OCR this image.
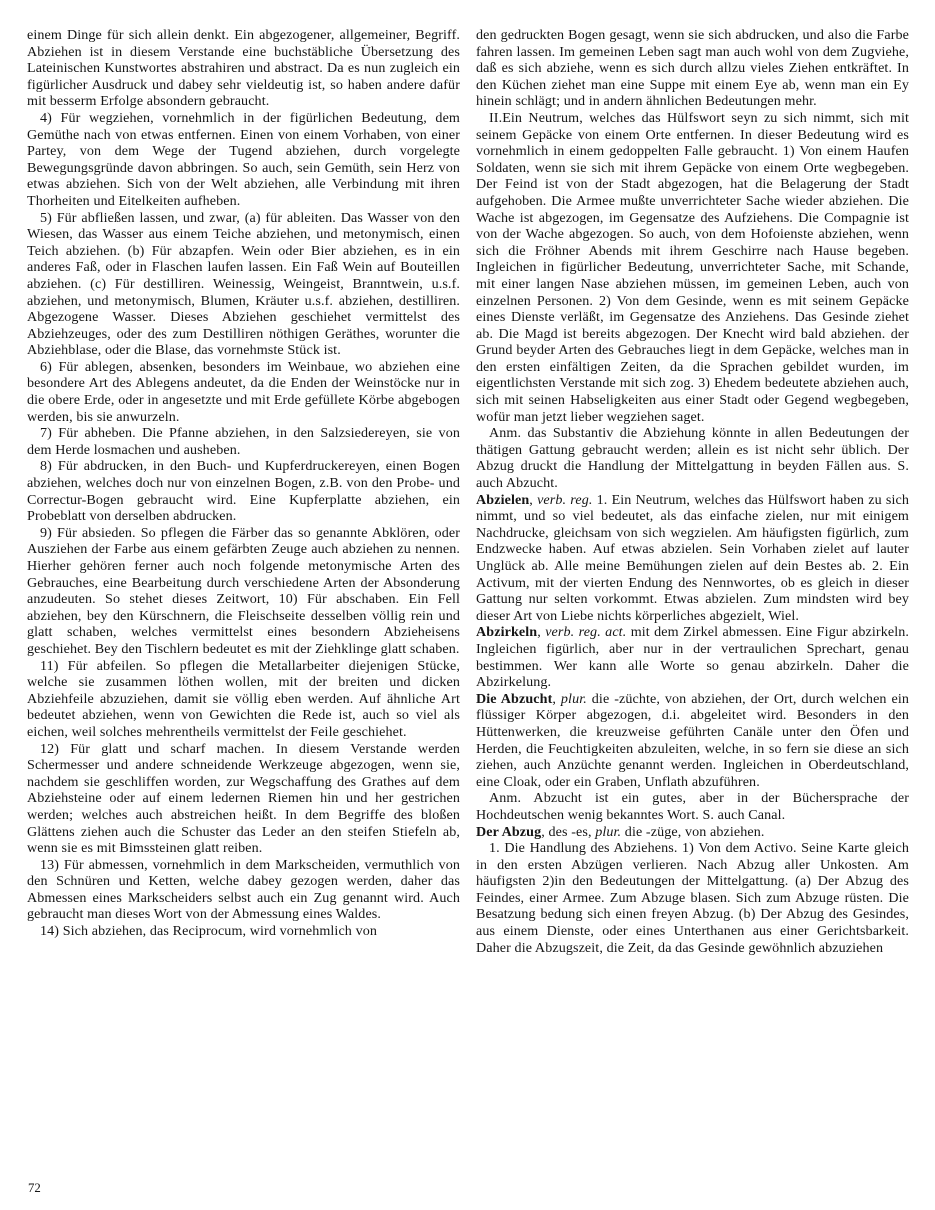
einem Dinge für sich allein denkt. Ein abgezogener, allgemeiner, Begriff. Abziehen ist in diesem Verstande eine buchstäbliche Übersetzung des Lateinischen Kunstwortes abstrahiren und abstract. Da es nun zugleich ein figürlicher Ausdruck und dabey sehr vieldeutig ist, so haben andere dafür mit besserm Erfolge absondern gebraucht.

4) Für wegziehen, vornehmlich in der figürlichen Bedeutung, dem Gemüthe nach von etwas entfernen. Einen von einem Vorhaben, von einer Partey, von dem Wege der Tugend abziehen, durch vorgelegte Bewegungsgründe davon abbringen. So auch, sein Gemüth, sein Herz von etwas abziehen. Sich von der Welt abziehen, alle Verbindung mit ihren Thorheiten und Eitelkeiten aufheben.

5) Für abfließen lassen, und zwar, (a) für ableiten. Das Wasser von den Wiesen, das Wasser aus einem Teiche abziehen, und metonymisch, einen Teich abziehen. (b) Für abzapfen. Wein oder Bier abziehen, es in ein anderes Faß, oder in Flaschen laufen lassen. Ein Faß Wein auf Bouteillen abziehen. (c) Für destilliren. Weinessig, Weingeist, Branntwein, u.s.f. abziehen, und metonymisch, Blumen, Kräuter u.s.f. abziehen, destilliren. Abgezogene Wasser. Dieses Abziehen geschiehet vermittelst des Abziehzeuges, oder des zum Destilliren nöthigen Geräthes, worunter die Abziehblase, oder die Blase, das vornehmste Stück ist.

6) Für ablegen, absenken, besonders im Weinbaue, wo abziehen eine besondere Art des Ablegens andeutet, da die Enden der Weinstöcke nur in die obere Erde, oder in angesetzte und mit Erde gefüllete Körbe abgebogen werden, bis sie anwurzeln.

7) Für abheben. Die Pfanne abziehen, in den Salzsiedereyen, sie von dem Herde losmachen und ausheben.

8) Für abdrucken, in den Buch- und Kupferdruckereyen, einen Bogen abziehen, welches doch nur von einzelnen Bogen, z.B. von den Probe- und Correctur-Bogen gebraucht wird. Eine Kupferplatte abziehen, ein Probeblatt von derselben abdrucken.

9) Für absieden. So pflegen die Färber das so genannte Abklören, oder Ausziehen der Farbe aus einem gefärbten Zeuge auch abziehen zu nennen. Hierher gehören ferner auch noch folgende metonymische Arten des Gebrauches, eine Bearbeitung durch verschiedene Arten der Absonderung anzudeuten. So stehet dieses Zeitwort, 10) Für abschaben. Ein Fell abziehen, bey den Kürschnern, die Fleischseite desselben völlig rein und glatt schaben, welches vermittelst eines besondern Abzieheisens geschiehet. Bey den Tischlern bedeutet es mit der Ziehklinge glatt schaben.

11) Für abfeilen. So pflegen die Metallarbeiter diejenigen Stücke, welche sie zusammen löthen wollen, mit der breiten und dicken Abziehfeile abzuziehen, damit sie völlig eben werden. Auf ähnliche Art bedeutet abziehen, wenn von Gewichten die Rede ist, auch so viel als eichen, weil solches mehrentheils vermittelst der Feile geschiehet.

12) Für glatt und scharf machen. In diesem Verstande werden Schermesser und andere schneidende Werkzeuge abgezogen, wenn sie, nachdem sie geschliffen worden, zur Wegschaffung des Grathes auf dem Abziehsteine oder auf einem ledernen Riemen hin und her gestrichen werden; welches auch abstreichen heißt. In dem Begriffe des bloßen Glättens ziehen auch die Schuster das Leder an den steifen Stiefeln ab, wenn sie es mit Bimssteinen glatt reiben.

13) Für abmessen, vornehmlich in dem Markscheiden, vermuthlich von den Schnüren und Ketten, welche dabey gezogen werden, daher das Abmessen eines Markscheiders selbst auch ein Zug genannt wird. Auch gebraucht man dieses Wort von der Abmessung eines Waldes.

14) Sich abziehen, das Reciprocum, wird vornehmlich von

den gedruckten Bogen gesagt, wenn sie sich abdrucken, und also die Farbe fahren lassen. Im gemeinen Leben sagt man auch wohl von dem Zugviehe, daß es sich abziehe, wenn es sich durch allzu vieles Ziehen entkräftet. In den Küchen ziehet man eine Suppe mit einem Eye ab, wenn man ein Ey hinein schlägt; und in andern ähnlichen Bedeutungen mehr.

II.Ein Neutrum, welches das Hülfswort seyn zu sich nimmt, sich mit seinem Gepäcke von einem Orte entfernen. In dieser Bedeutung wird es vornehmlich in einem gedoppelten Falle gebraucht. 1) Von einem Haufen Soldaten, wenn sie sich mit ihrem Gepäcke von einem Orte wegbegeben. Der Feind ist von der Stadt abgezogen, hat die Belagerung der Stadt aufgehoben. Die Armee mußte unverrichteter Sache wieder abziehen. Die Wache ist abgezogen, im Gegensatze des Aufziehens. Die Compagnie ist von der Wache abgezogen. So auch, von dem Hofoienste abziehen, wenn sich die Fröhner Abends mit ihrem Geschirre nach Hause begeben. Ingleichen in figürlicher Bedeutung, unverrichteter Sache, mit Schande, mit einer langen Nase abziehen müssen, im gemeinen Leben, auch von einzelnen Personen. 2) Von dem Gesinde, wenn es mit seinem Gepäcke eines Dienste verläßt, im Gegensatze des Anziehens. Das Gesinde ziehet ab. Die Magd ist bereits abgezogen. Der Knecht wird bald abziehen. der Grund beyder Arten des Gebrauches liegt in dem Gepäcke, welches man in den ersten einfältigen Zeiten, da die Sprachen gebildet wurden, im eigentlichsten Verstande mit sich zog. 3) Ehedem bedeutete abziehen auch, sich mit seinen Habseligkeiten aus einer Stadt oder Gegend wegbegeben, wofür man jetzt lieber wegziehen saget.

Anm. das Substantiv die Abziehung könnte in allen Bedeutungen der thätigen Gattung gebraucht werden; allein es ist nicht sehr üblich. Der Abzug druckt die Handlung der Mittelgattung in beyden Fällen aus. S. auch Abzucht.

Abzielen, verb. reg. 1. Ein Neutrum, welches das Hülfswort haben zu sich nimmt, und so viel bedeutet, als das einfache zielen, nur mit einigem Nachdrucke, gleichsam von sich wegzielen. Am häufigsten figürlich, zum Endzwecke haben. Auf etwas abzielen. Sein Vorhaben zielet auf lauter Unglück ab. Alle meine Bemühungen zielen auf dein Bestes ab. 2. Ein Activum, mit der vierten Endung des Nennwortes, ob es gleich in dieser Gattung nur selten vorkommt. Etwas abzielen. Zum mindsten wird bey dieser Art von Liebe nichts körperliches abgezielt, Wiel.

Abzirkeln, verb. reg. act. mit dem Zirkel abmessen. Eine Figur abzirkeln. Ingleichen figürlich, aber nur in der vertraulichen Sprechart, genau bestimmen. Wer kann alle Worte so genau abzirkeln. Daher die Abzirkelung.

Die Abzucht, plur. die -züchte, von abziehen, der Ort, durch welchen ein flüssiger Körper abgezogen, d.i. abgeleitet wird. Besonders in den Hüttenwerken, die kreuzweise geführten Canäle unter den Öfen und Herden, die Feuchtigkeiten abzuleiten, welche, in so fern sie diese an sich ziehen, auch Anzüchte genannt werden. Ingleichen in Oberdeutschland, eine Cloak, oder ein Graben, Unflath abzuführen.

Anm. Abzucht ist ein gutes, aber in der Büchersprache der Hochdeutschen wenig bekanntes Wort. S. auch Canal.

Der Abzug, des -es, plur. die -züge, von abziehen.

1. Die Handlung des Abziehens. 1) Von dem Activo. Seine Karte gleich in den ersten Abzügen verlieren. Nach Abzug aller Unkosten. Am häufigsten 2)in den Bedeutungen der Mittelgattung. (a) Der Abzug des Feindes, einer Armee. Zum Abzuge blasen. Sich zum Abzuge rüsten. Die Besatzung bedung sich einen freyen Abzug. (b) Der Abzug des Gesindes, aus einem Dienste, oder eines Unterthanen aus einer Gerichtsbarkeit. Daher die Abzugszeit, die Zeit, da das Gesinde gewöhnlich abzuziehen

72
